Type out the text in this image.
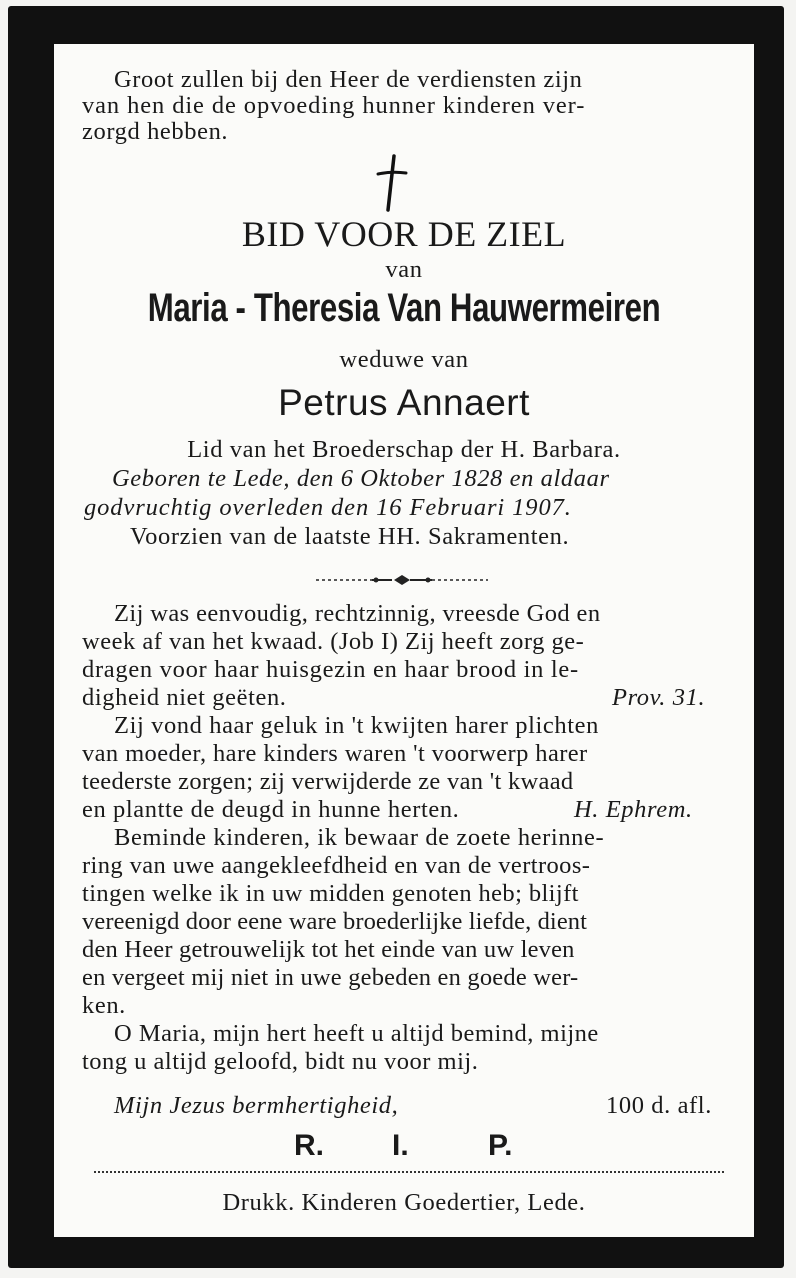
Groot zullen bij den Heer de verdiensten zijn
van hen die de opvoeding hunner kinderen ver-
zorgd hebben.
BID VOOR DE ZIEL
van
Maria - Theresia Van Hauwermeiren
weduwe van
Petrus Annaert
Lid van het Broederschap der H. Barbara.
Geboren te Lede, den 6 Oktober 1828 en aldaar
godvruchtig overleden den 16 Februari 1907.
Voorzien van de laatste HH. Sakramenten.
Zij was eenvoudig, rechtzinnig, vreesde God en
week af van het kwaad. (Job I) Zij heeft zorg ge-
dragen voor haar huisgezin en haar brood in le-
digheid niet geëten.	Prov. 31.
Zij vond haar geluk in 't kwijten harer plichten
van moeder, hare kinders waren 't voorwerp harer
teederste zorgen; zij verwijderde ze van 't kwaad
en plantte de deugd in hunne herten.	H. Ephrem.
Beminde kinderen, ik bewaar de zoete herinne-
ring van uwe aangekleefdheid en van de vertroos-
tingen welke ik in uw midden genoten heb; blijft
vereenigd door eene ware broederlijke liefde, dient
den Heer getrouwelijk tot het einde van uw leven
en vergeet mij niet in uwe gebeden en goede wer-
ken.
O Maria, mijn hert heeft u altijd bemind, mijne
tong u altijd geloofd, bidt nu voor mij.
Mijn Jezus bermhertigheid,	100 d. afl.
R. I.	P.
Drukk. Kinderen Goedertier, Lede.
